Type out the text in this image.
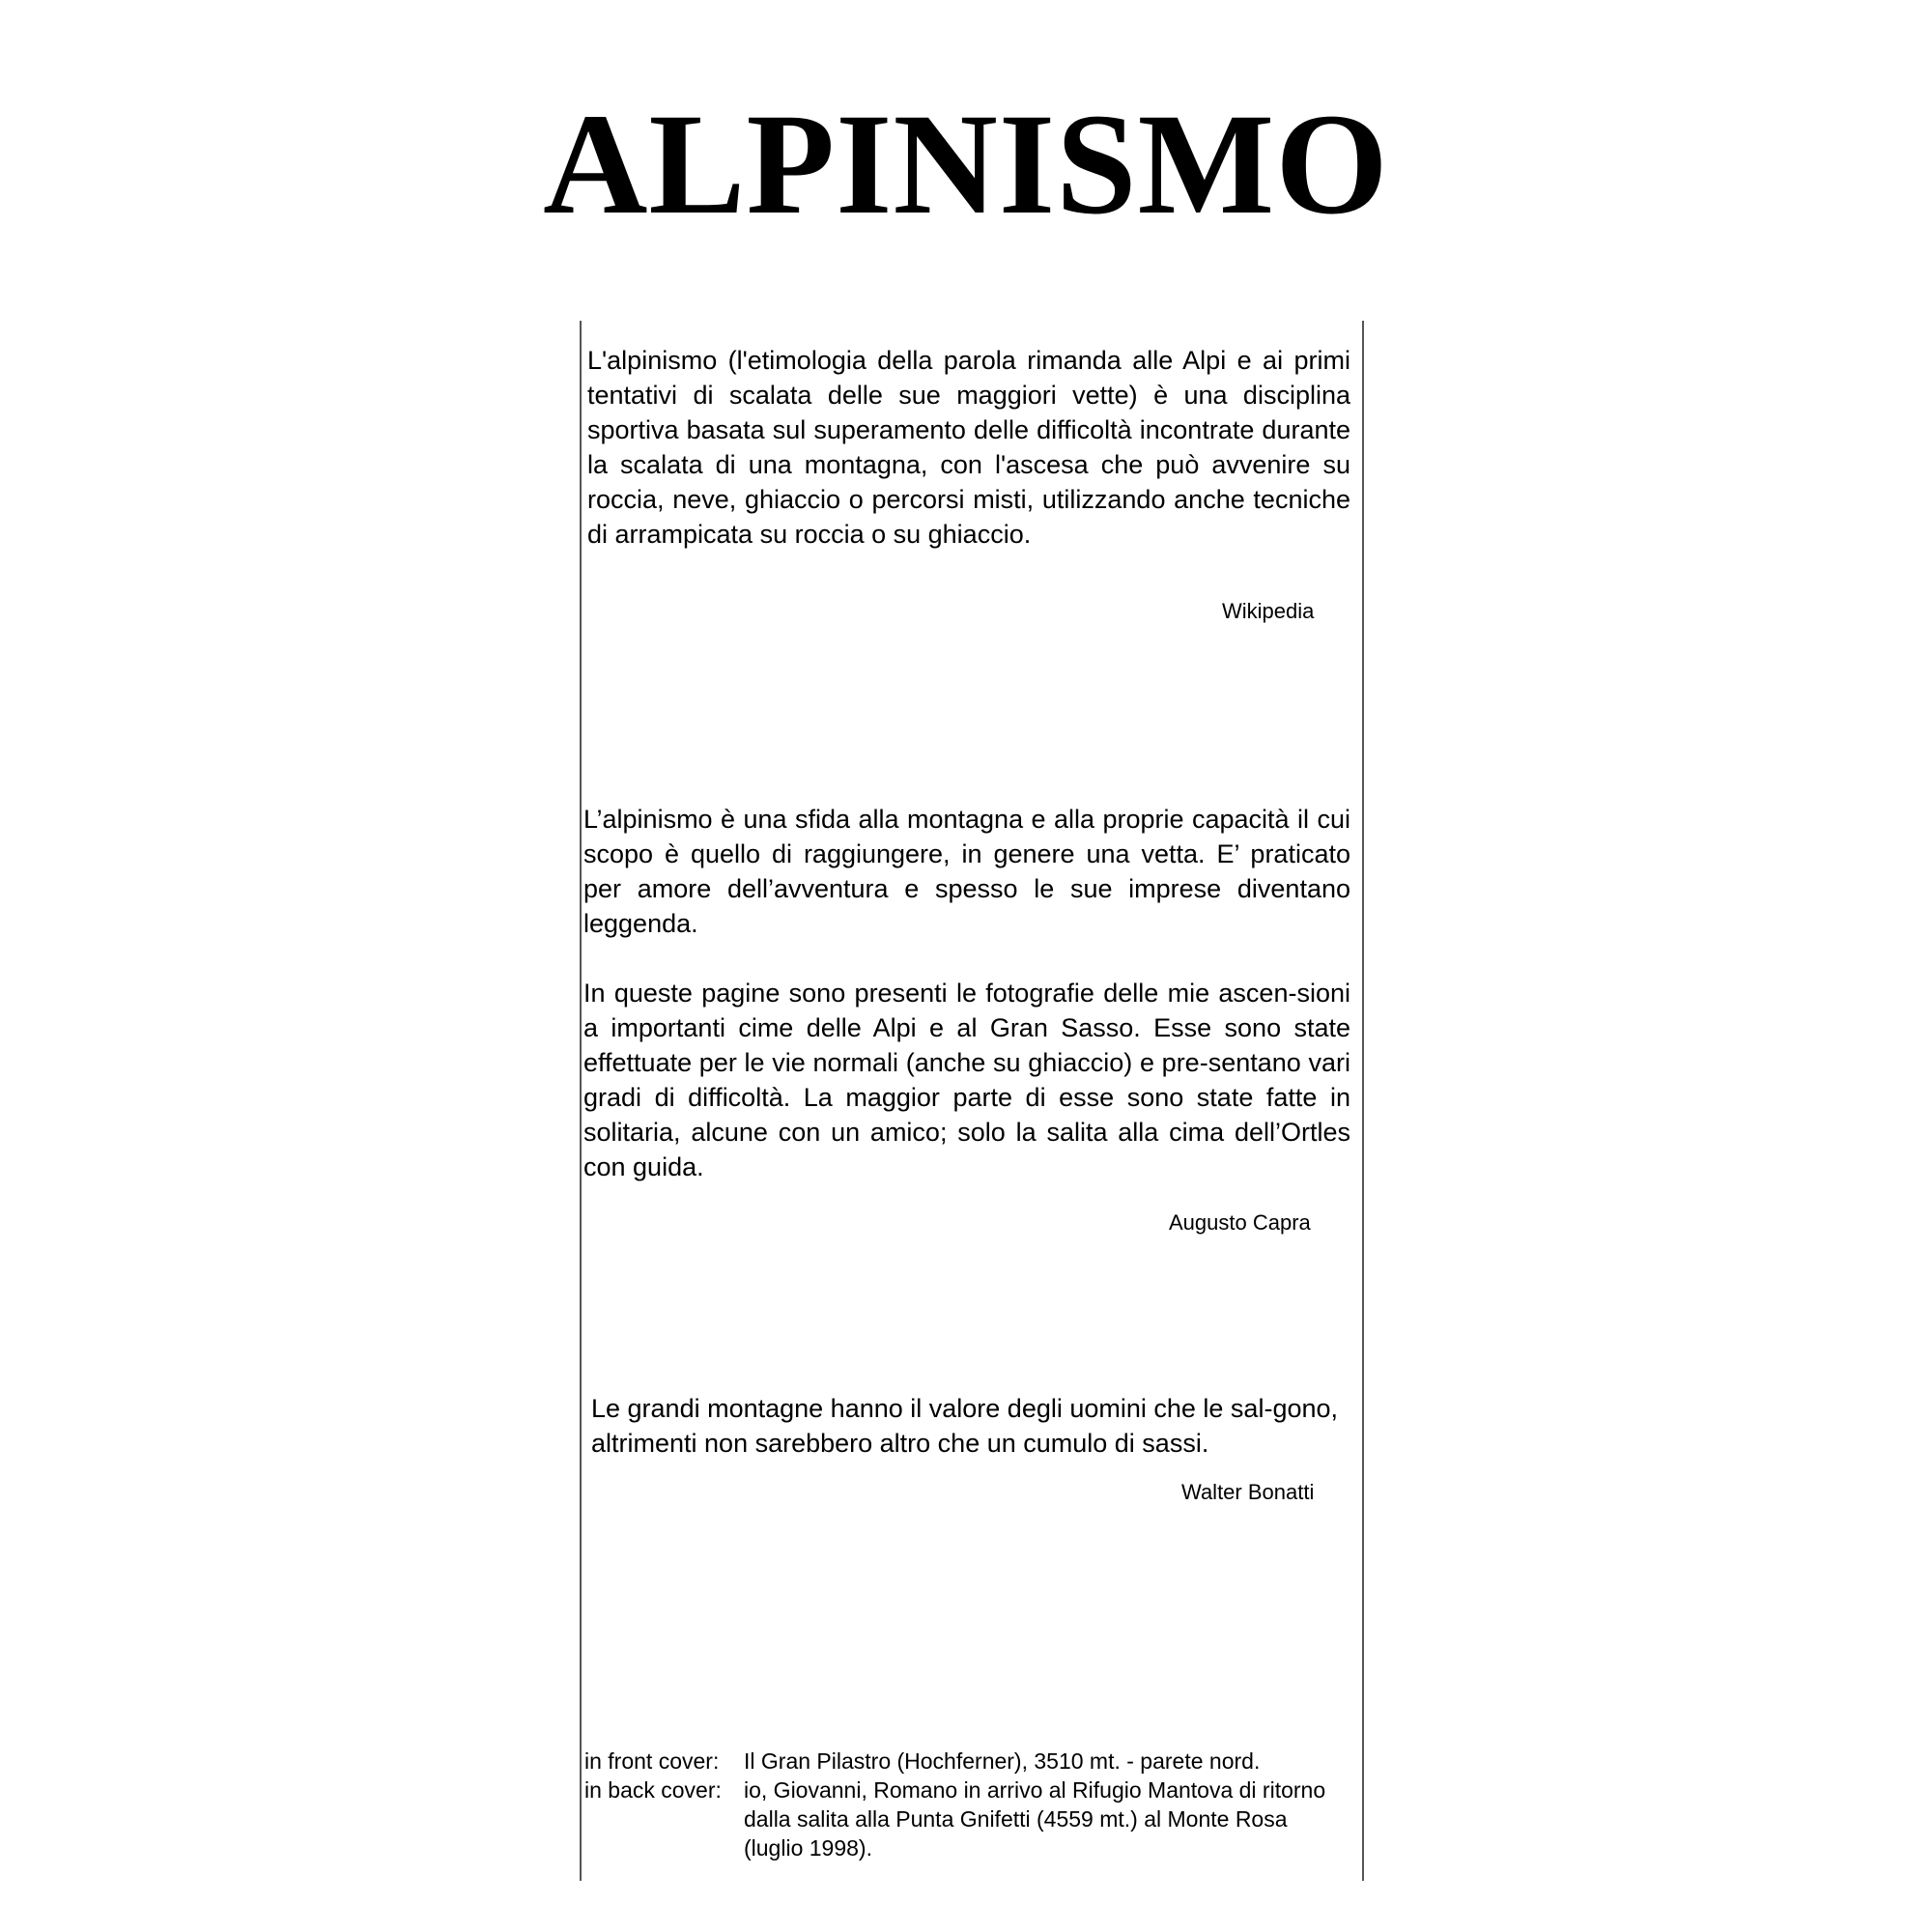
ALPINISMO

L'alpinismo (l'etimologia della parola rimanda alle Alpi e ai primi tentativi di scalata delle sue maggiori vette) è una disciplina sportiva basata sul superamento delle difficoltà incontrate durante la scalata di una montagna, con l'ascesa che può avvenire su roccia, neve, ghiaccio o percorsi misti, utilizzando anche tecniche di arrampicata su roccia o su ghiaccio.

Wikipedia

L’alpinismo è una sfida alla montagna e alla proprie capacità il cui scopo è quello di raggiungere, in genere una vetta. E’ praticato per amore dell’avventura e spesso le sue imprese diventano leggenda.

In queste pagine sono presenti le fotografie delle mie ascen-sioni a importanti cime delle Alpi e al Gran Sasso. Esse sono state effettuate per le vie normali (anche su ghiaccio) e pre-sentano vari gradi di difficoltà. La maggior parte di esse sono state fatte in solitaria, alcune con un amico; solo la salita alla cima dell’Ortles con guida.

Augusto Capra

Le grandi montagne hanno il valore degli uomini che le sal-gono, altrimenti non sarebbero altro che un cumulo di sassi.

Walter Bonatti
in front cover:	Il Gran Pilastro (Hochferner), 3510 mt. - parete nord.
in back cover:	io, Giovanni, Romano in arrivo al Rifugio Mantova di ritorno dalla salita alla Punta Gnifetti (4559 mt.) al Monte Rosa (luglio 1998).
